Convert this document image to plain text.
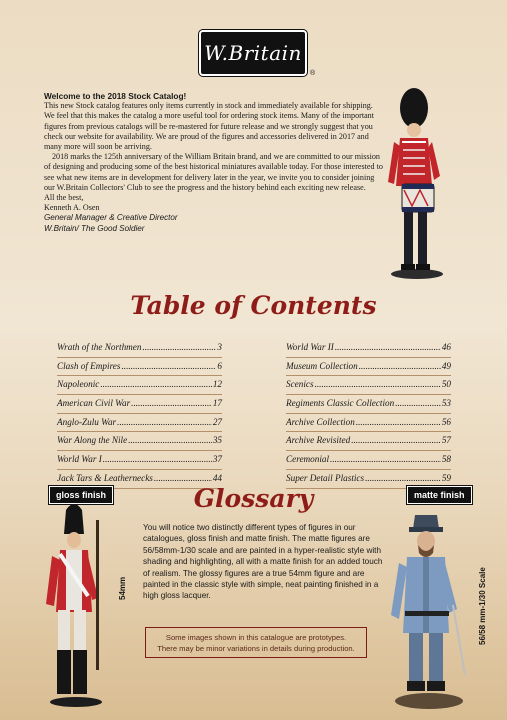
W.Britain
®

Welcome to the 2018 Stock Catalog!

This new Stock catalog features only items currently in stock and immediately available for shipping. We feel that this makes the catalog a more useful tool for ordering stock items. Many of the important figures from previous catalogs will be re-mastered for future release and we strongly suggest that you check our website for availability. We are proud of the figures and accessories delivered in 2017 and many more will soon be arriving.

2018 marks the 125th anniversary of the William Britain brand, and we are committed to our mission of designing and producing some of the best historical miniatures available today. For those interested to see what new items are in development for delivery later in the year, we invite you to consider joining our W.Britain Collectors' Club to see the progress and the history behind each exciting new release.

All the best,

Kenneth A. Osen

General Manager & Creative Director

W.Britain/ The Good Soldier

Table of Contents
Wrath of the Northmen .....	3
Clash of Empires .....	6
Napoleonic .....	12
American Civil War .....	17
Anglo-Zulu War .....	27
War Along the Nile .....	35
World War I .....	37
Jack Tars & Leathernecks .....	44
World War II .....	46
Museum Collection .....	49
Scenics .....	50
Regiments Classic Collection .....	53
Archive Collection .....	56
Archive Revisited .....	57
Ceremonial .....	58
Super Detail Plastics .....	59
gloss finish	matte finish
Glossary
54mm
You will notice two distinctly different types of figures in our catalogues, gloss finish and matte finish. The matte figures are 56/58mm-1/30 scale and are painted in a hyper-realistic style with shading and highlighting, all with a matte finish for an added touch of realism. The glossy figures are a true 54mm figure and are painted in the classic style with simple, neat painting finished in a high gloss lacquer.
Some images shown in this catalogue are prototypes.
There may be minor variations in details during production.
56/58 mm-1/30 Scale
